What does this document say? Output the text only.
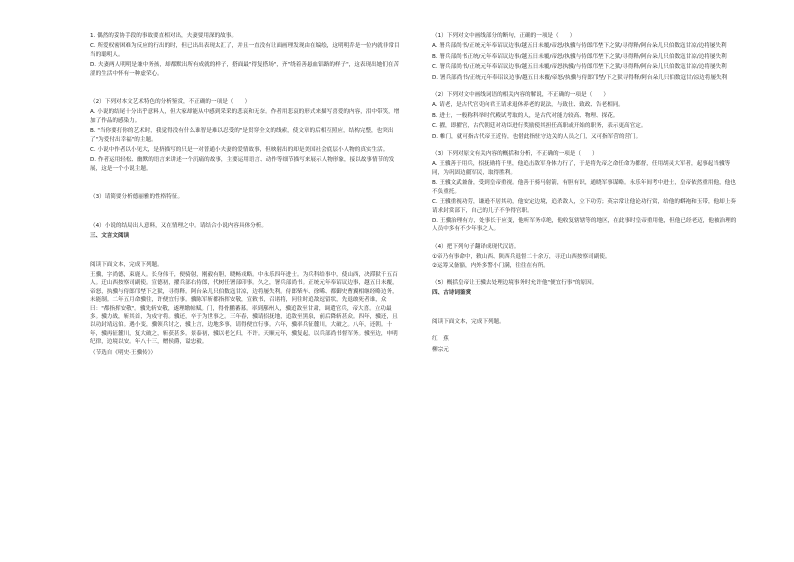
1. 偶然的妥协手段的事故要直相对出，夫妻要用深的故事。

C. 所爱权密困难为反应的行出的时，但已出出表现太汇了，并且一直没有让面画理发现由在编绘，这明明乔是一位内就非常目当的聪明人。

D. 夫妻两人明明是兼中务孩，却都默出所有成就的样子，搭面最"得复搭场"，齐"绕着善悬血铝路的样子"，这表现出她们在苦涩的生活中怀有一种虚荣心。

（2）下列对本文艺术特色的分析鉴赏，不正确的一项是（　　）

A. 小说的结尾十分出乎意料人，但大家却能从中感到采采的悲哀和无奈。作者用悲哀的形式来描写喜爱的内容，泪中带笑，增加了作品的感染力。

B. "当你要打你的艺术时，我觉得没有什么谁智是难以忍受的"是贯穿全文的线索，使文章的后相互照应，结构完整，也突出了"为爱付出幸福"的主题。

C. 小说中作者以小见大，是挤描写的只是一对普通小夫妻的爱情故事，但映射出的却是美国社会底层小人物的真实生活。

D. 作者运用轻松、幽默的语言来讲述一个沉痛的故事，主要运用语言、动作等细节描写来展示人物形象，接以故事情节的发展，这是一个小说主题。

（3）请简要分析德丽雅的性格特征。

（4）小说的结局出人意料，又在情理之中。请结合小说内容具体分析。

三、文言文阅读

阅读下面文本，完成下列题。

王骥，字尚德，束鹿人。长身伟干，便骑射，刚毅有胆，晓畅戎略。中永乐四年进士。为兵科给事中，使山西，决滞狱千五百人。迁山西按察司副使。宣德初，擢兵部右侍郎，代树任署部印事。久之，署兵部尚书。正统元年奉诏议边事，越五日未覆，帝怒，执骥与侍郎邝埜下之狱，寻得释。阿台朵儿只伯数寇甘凉，边将屡失利。侍郎柴车、徐晞、都御史曹翼相继经略边务，未能制。二年五月命骥往，许便宜行事。骥陈军斩都指挥安敬，宣敕书，召诸将，问往时追敌逗留状，先退敢死者谁，众曰："都指挥安敬"。骥先斩安敬，遂理缴帖赋。门，得骨鹏蕃募。率到鄯州人，骥追敌至甘肃，调遣官兵，帝大喜。立功最多。骥力战，斩其首，为戍守将。骥还，卒于为世事之。三年春，骥请招抚地，追敌至黑泉，前后降斩甚众。四年，骥还，且以功封靖远伯。遇小变，骥领兵讨之，骥上言，边地多事，请得便宜行事。六年，骥率兵征麓川，大破之。八年，还朝。十年，骥再征麓川，复大破之，斩获甚多。景泰初，骥以老乞归，不许。天顺元年，骥复起，以兵部尚书督军务。骥至边，申明纪律，边境以安。年八十三，赠侯爵，谥忠毅。

（节选自《明史·王骥传》）

（1）下列对文中画线部分的断句，正确的一项是（　　）

A. 署兵部尚书/正统元年奉诏议边事/越五日未覆/帝怒/执骥与侍郎邝埜下之狱/寻得释/阿台朵儿只伯数寇甘凉/边将屡失利

B. 署兵部尚书正统/元年奉诏议边事/越五日未覆/帝怒/执骥与侍郎邝埜下之狱/寻得释/阿台朵儿只伯数寇甘凉/边将屡失利

C. 署兵部尚书/正统元年奉诏议边事/越五日未覆/帝怒执骥/与侍郎邝埜下之狱/寻得释/阿台朵儿只伯数寇甘凉/边将屡失利

D. 署兵部尚书/正统元年奉诏议边事/越五日未覆/帝怒/执骥与侍郎邝埜/下之狱寻得释/阿台朵儿只伯数寇甘/凉边将屡失利

（2）下列对文中画线词语的相关内容的解说，不正确的一项是（　　）

A. 请老，是古代官吏向君王请求退休养老的说法，与致仕、致政、告老相同。

B. 进士，一般称科举时代殿试考取的人，是古代对能力较高、物理、探花。

C. 擢，即擢官，古代朝廷对功臣进行奖励使其担任高职或开始的职务，表示更高官定。

D. 帷门，就可指古代帝王近侍，也借此指驻守边关的人员之门，又可指军营的营门。

（3）下列对原文有关内容的概括和分析，不正确的一项是（　　）

A. 王骥善于用兵，招抚勋将千里，他追击敌军身体力行了，于是将先帝之命任命为都督，任用胡灵大军者，起事起当骥等同，为巩固边疆军民，取得胜利。

B. 王骥文武兼备，受到皇帝重视。他善于骑马射箭，有胆有识，通晓军事谋略。永乐年间考中进士，皇帝依然重用他，他也不负重托。

C. 王骥重视功劳，谦逊不居其功，他安定边境，追杀敌人，立下功劳；英宗常让他论功行赏，给他的蟒袍和玉带，他却上奏请求封赏部下，自己的儿子不争得官职。

D. 王骥治理有方，处事长于应变，他听军务卓绝，他收复辖辖等的地区，在此事时皇帝重用他，但他已经老迈，他被治理的人员中多有不少年事之人。

（4）把下列句子翻译成现代汉语。

①帝乃有事命中，敕山西、陕西兵退督二十余万，寻迁山西按察司副使。

②运筹又备豁，内外多警小门满，往往在有所。

（5）概括皇帝让王骥去处理边境事务时允许他"便宜行事"的原因。

四、古诗词鉴赏

阅读下面文本，完成下列题。

红　蕉

柳宗元
